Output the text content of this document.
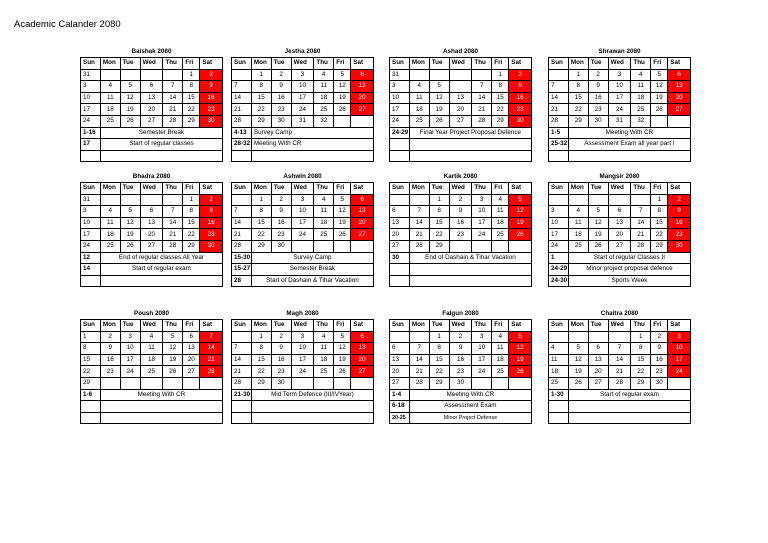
Academic Calander 2080
Baishak 2080						
Sun	Mon	Tue	Wed	Thu	Fri	Sat
31					1	2
3	4	5	6	7	8	9
10	11	12	13	14	15	16
17	18	19	20	21	22	23
24	25	26	27	28	29	30
1-16	Semester Break					
17	Start of regular classes					

Jestha 2080						
Sun	Mon	Tue	Wed	Thu	Fri	Sat
	1	2	3	4	5	6
7	8	9	10	11	12	13
14	15	16	17	18	19	20
21	22	23	24	25	26	27
28	29	30	31	32		
4-13	Survey Camp					
28-32	Meeting With CR					

Ashad 2080						
Sun	Mon	Tue	Wed	Thu	Fri	Sat
31					1	2
3	4	5		7	8	9
10	11	12	13	14	15	16
17	18	19	20	21	22	23
24	25	26	27	28	29	30
24-29	Final Year Project Proposal Defence					

Shrawan 2080						
Sun	Mon	Tue	Wed	Thu	Fri	Sat
	1	2	3	4	5	6
7	8	9	10	11	12	13
14	15	16	17	18	19	20
21	22	23	24	25	26	27
28	29	30	31	32		
1-5	Meeting With CR					
25-32	Assessment Exam all year part I					

Bhadra 2080						
Sun	Mon	Tue	Wed	Thu	Fri	Sat
31					1	2
3	4	5	6	7	8	9
10	11	12	13	14	15	16
17	18	19	20	21	22	23
24	25	26	27	28	29	30
12	End of regular classes All Year					
14	Start of regular exam					

Ashwin 2080						
Sun	Mon	Tue	Wed	Thu	Fri	Sat
	1	2	3	4	5	6
7	8	9	10	11	12	13
14	15	16	17	18	19	20
21	22	23	24	25	26	27
28	29	30				
15-30	Survey Camp					
15-27	Semester Break					
28	Start of Dashain & Tihar Vacation					
Kartik 2080						
Sun	Mon	Tue	Wed	Thu	Fri	Sat
		1	2	3	4	5
6	7	8	9	10	11	12
13	14	15	16	17	18	19
20	21	22	23	24	25	26
27	28	29				
30	End of Dashain & Tihar Vacation					

Mangsir 2080						
Sun	Mon	Tue	Wed	Thu	Fri	Sat
					1	2
3	4	5	6	7	8	9
10	11	12	13	14	15	16
17	18	19	20	21	22	23
24	25	26	27	28	29	30
1	Start of regular Classes II					
24-29	Minor project proposal defence					
24-30	Sports Week					
Poush 2080						
Sun	Mon	Tue	Wed	Thu	Fri	Sat
1	2	3	4	5	6	7
8	9	10	11	12	13	14
15	16	17	18	19	20	21
22	23	24	25	26	27	28
29						
1-6	Meeting With CR					

Magh 2080						
Sun	Mon	Tue	Wed	Thu	Fri	Sat
	1	2	3	4	5	6
7	8	9	10	11	12	13
14	15	16	17	18	19	20
21	22	23	24	25	26	27
28	29	30				
21-30	Mid Term Defence (III/IVYear)					

Falgun 2080						
Sun	Mon	Tue	Wed	Thu	Fri	Sat
		1	2	3	4	5
6	7	8	9	10	11	12
13	14	15	16	17	18	19
20	21	22	23	24	25	26
27	28	29	30			
1-4	Meeting With CR					
6-18	Assessment Exam					
20-25	Minor Project Defense					
Chaitra 2080						
Sun	Mon	Tue	Wed	Thu	Fri	Sat
				1	2	3
4	5	6	7	8	9	10
11	12	13	14	15	16	17
18	19	20	21	22	23	24
25	26	27	28	29	30	
1-30	Start of regular exam					
